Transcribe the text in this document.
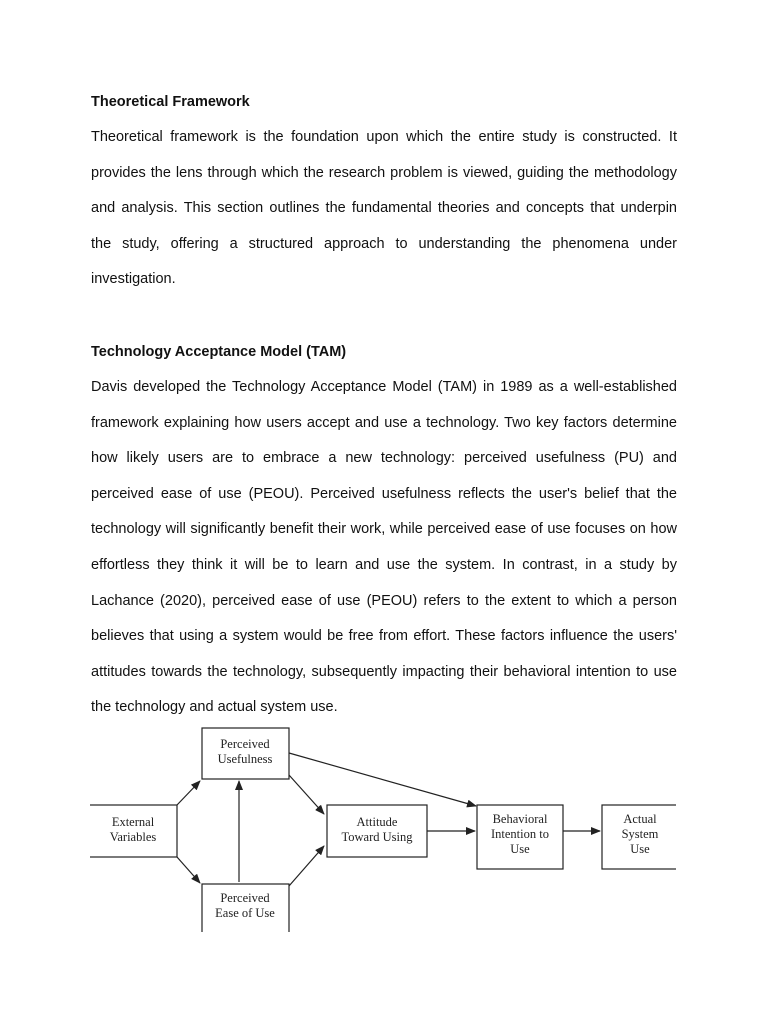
Theoretical Framework

Theoretical framework is the foundation upon which the entire study is constructed. It provides the lens through which the research problem is viewed, guiding the methodology and analysis. This section outlines the fundamental theories and concepts that underpin the study, offering a structured approach to understanding the phenomena under investigation.

Technology Acceptance Model (TAM)

Davis developed the Technology Acceptance Model (TAM) in 1989 as a well-established framework explaining how users accept and use a technology. Two key factors determine how likely users are to embrace a new technology: perceived usefulness (PU) and perceived ease of use (PEOU). Perceived usefulness reflects the user's belief that the technology will significantly benefit their work, while perceived ease of use focuses on how effortless they think it will be to learn and use the system. In contrast, in a study by Lachance (2020), perceived ease of use (PEOU) refers to the extent to which a person believes that using a system would be free from effort. These factors influence the users' attitudes towards the technology, subsequently impacting their behavioral intention to use the technology and actual system use.

External
Variables
Perceived
Usefulness
Perceived
Ease of Use
Attitude
Toward Using
Behavioral
Intention to
Use
Actual
System
Use
